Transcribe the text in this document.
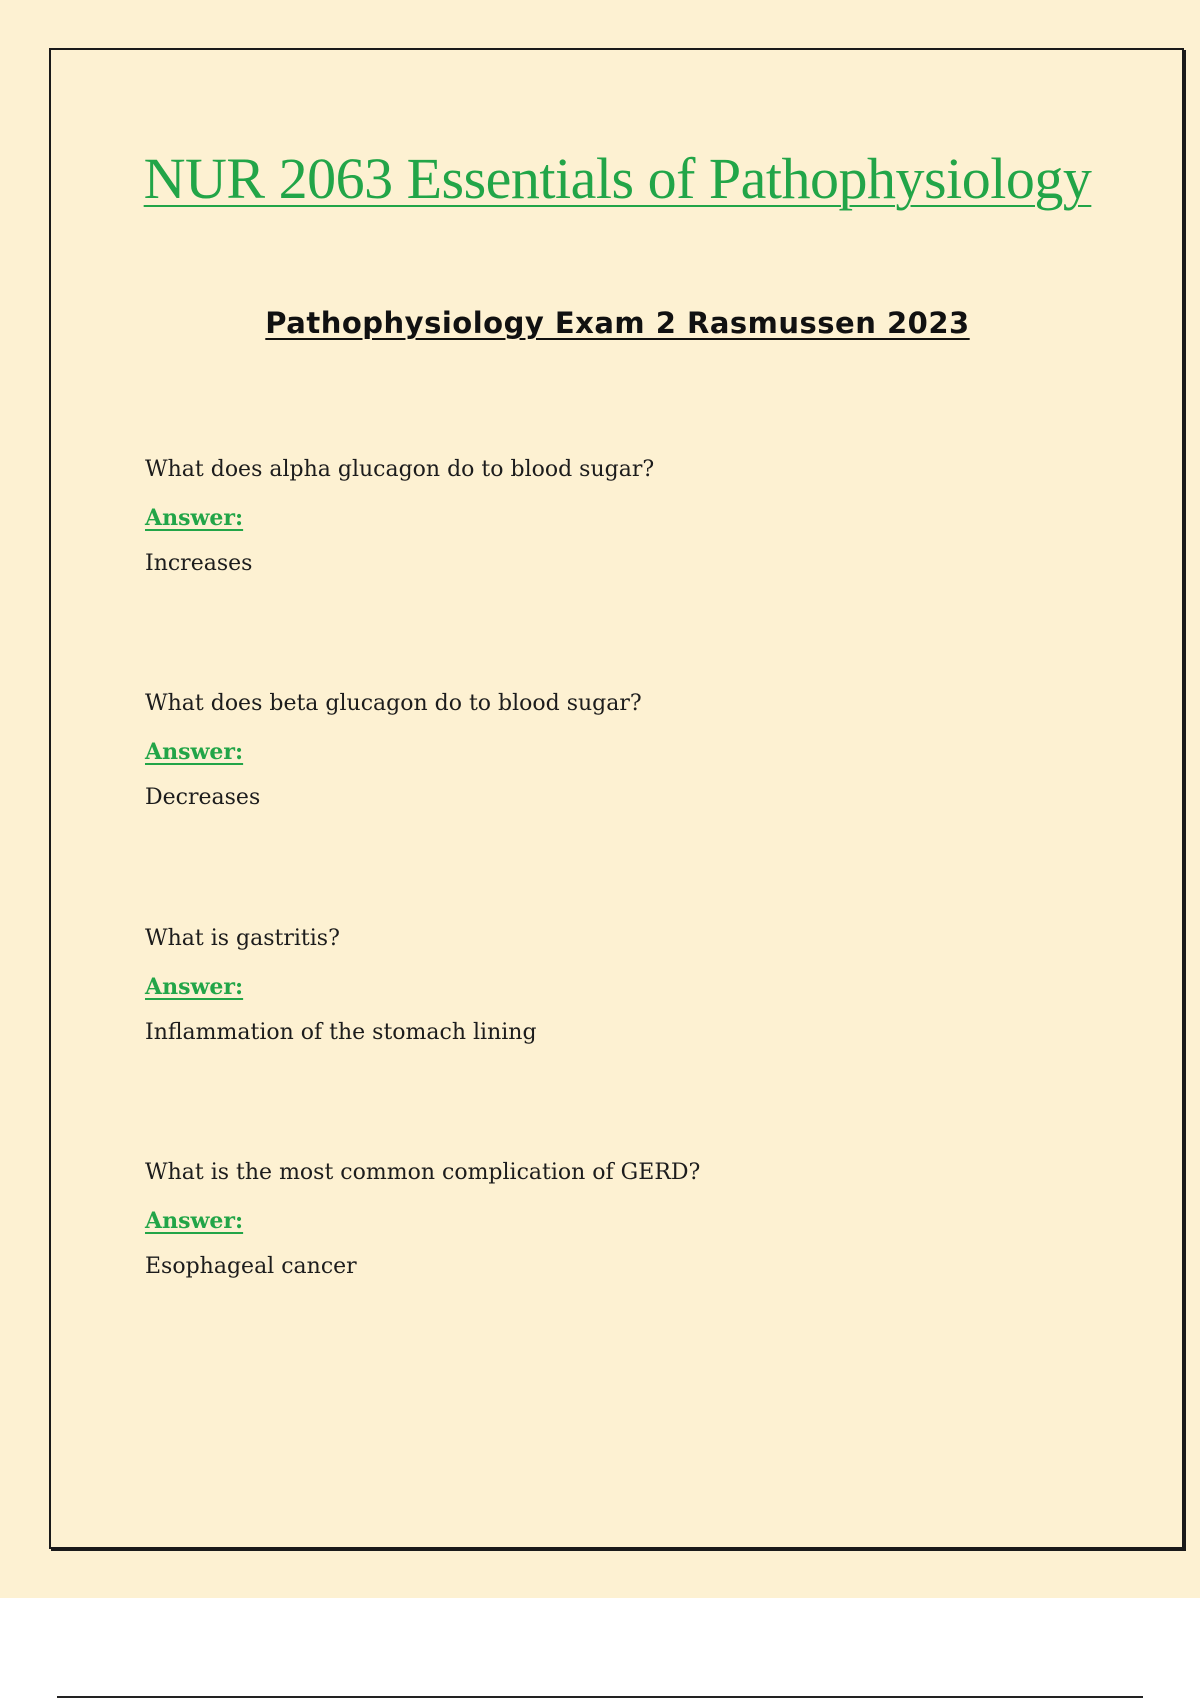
NUR 2063 Essentials of Pathophysiology
Pathophysiology Exam 2 Rasmussen 2023
What does alpha glucagon do to blood sugar?
Answer:
Increases
What does beta glucagon do to blood sugar?
Answer:
Decreases
What is gastritis?
Answer:
Inflammation of the stomach lining
What is the most common complication of GERD?
Answer:
Esophageal cancer
